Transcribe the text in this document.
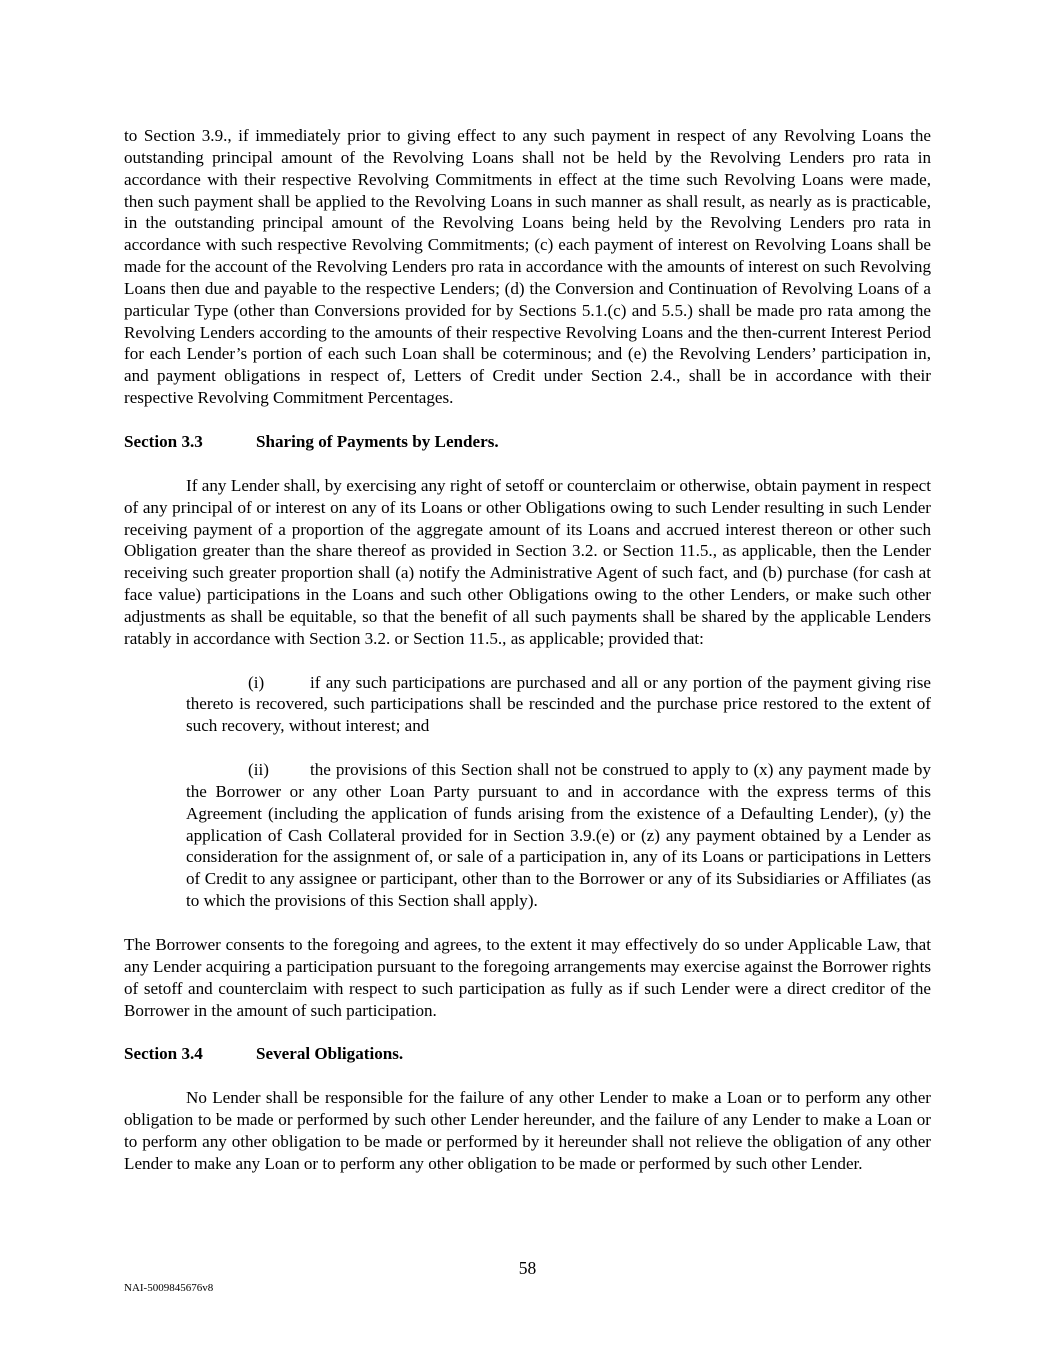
to Section 3.9., if immediately prior to giving effect to any such payment in respect of any Revolving Loans the outstanding principal amount of the Revolving Loans shall not be held by the Revolving Lenders pro rata in accordance with their respective Revolving Commitments in effect at the time such Revolving Loans were made, then such payment shall be applied to the Revolving Loans in such manner as shall result, as nearly as is practicable, in the outstanding principal amount of the Revolving Loans being held by the Revolving Lenders pro rata in accordance with such respective Revolving Commitments; (c) each payment of interest on Revolving Loans shall be made for the account of the Revolving Lenders pro rata in accordance with the amounts of interest on such Revolving Loans then due and payable to the respective Lenders; (d) the Conversion and Continuation of Revolving Loans of a particular Type (other than Conversions provided for by Sections 5.1.(c) and 5.5.) shall be made pro rata among the Revolving Lenders according to the amounts of their respective Revolving Loans and the then-current Interest Period for each Lender’s portion of each such Loan shall be coterminous; and (e) the Revolving Lenders’ participation in, and payment obligations in respect of, Letters of Credit under Section 2.4., shall be in accordance with their respective Revolving Commitment Percentages.

Section 3.3	Sharing of Payments by Lenders.

If any Lender shall, by exercising any right of setoff or counterclaim or otherwise, obtain payment in respect of any principal of or interest on any of its Loans or other Obligations owing to such Lender resulting in such Lender receiving payment of a proportion of the aggregate amount of its Loans and accrued interest thereon or other such Obligation greater than the share thereof as provided in Section 3.2. or Section 11.5., as applicable, then the Lender receiving such greater proportion shall (a) notify the Administrative Agent of such fact, and (b) purchase (for cash at face value) participations in the Loans and such other Obligations owing to the other Lenders, or make such other adjustments as shall be equitable, so that the benefit of all such payments shall be shared by the applicable Lenders ratably in accordance with Section 3.2. or Section 11.5., as applicable; provided that:

(i)	if any such participations are purchased and all or any portion of the payment giving rise thereto is recovered, such participations shall be rescinded and the purchase price restored to the extent of such recovery, without interest; and

(ii) the provisions of this Section shall not be construed to apply to (x) any payment made by the Borrower or any other Loan Party pursuant to and in accordance with the express terms of this Agreement (including the application of funds arising from the existence of a Defaulting Lender), (y) the application of Cash Collateral provided for in Section 3.9.(e) or (z) any payment obtained by a Lender as consideration for the assignment of, or sale of a participation in, any of its Loans or participations in Letters of Credit to any assignee or participant, other than to the Borrower or any of its Subsidiaries or Affiliates (as to which the provisions of this Section shall apply).

The Borrower consents to the foregoing and agrees, to the extent it may effectively do so under Applicable Law, that any Lender acquiring a participation pursuant to the foregoing arrangements may exercise against the Borrower rights of setoff and counterclaim with respect to such participation as fully as if such Lender were a direct creditor of the Borrower in the amount of such participation.

Section 3.4	Several Obligations.

No Lender shall be responsible for the failure of any other Lender to make a Loan or to perform any other obligation to be made or performed by such other Lender hereunder, and the failure of any Lender to make a Loan or to perform any other obligation to be made or performed by it hereunder shall not relieve the obligation of any other Lender to make any Loan or to perform any other obligation to be made or performed by such other Lender.

58
NAI-5009845676v8
